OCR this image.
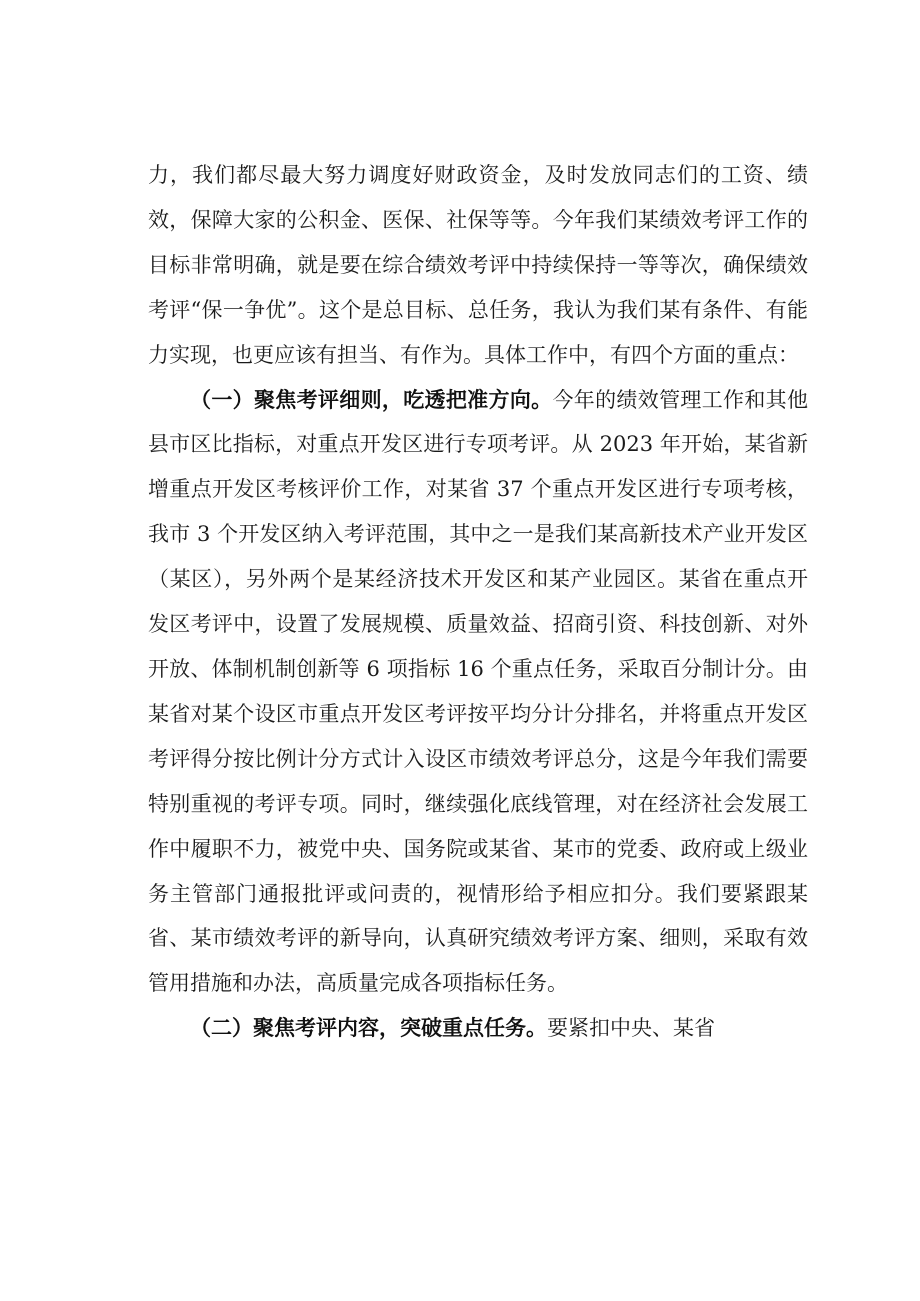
力，我们都尽最大努力调度好财政资金，及时发放同志们的工资、绩效，保障大家的公积金、医保、社保等等。今年我们某绩效考评工作的目标非常明确，就是要在综合绩效考评中持续保持一等等次，确保绩效考评“保一争优”。这个是总目标、总任务，我认为我们某有条件、有能力实现，也更应该有担当、有作为。具体工作中，有四个方面的重点：

（一）聚焦考评细则，吃透把准方向。今年的绩效管理工作和其他县市区比指标，对重点开发区进行专项考评。从 2023 年开始，某省新增重点开发区考核评价工作，对某省 37 个重点开发区进行专项考核，我市 3 个开发区纳入考评范围，其中之一是我们某高新技术产业开发区（某区），另外两个是某经济技术开发区和某产业园区。某省在重点开发区考评中，设置了发展规模、质量效益、招商引资、科技创新、对外开放、体制机制创新等 6 项指标 16 个重点任务，采取百分制计分。由某省对某个设区市重点开发区考评按平均分计分排名，并将重点开发区考评得分按比例计分方式计入设区市绩效考评总分，这是今年我们需要特别重视的考评专项。同时，继续强化底线管理，对在经济社会发展工作中履职不力，被党中央、国务院或某省、某市的党委、政府或上级业务主管部门通报批评或问责的，视情形给予相应扣分。我们要紧跟某省、某市绩效考评的新导向，认真研究绩效考评方案、细则，采取有效管用措施和办法，高质量完成各项指标任务。

（二）聚焦考评内容，突破重点任务。要紧扣中央、某省
